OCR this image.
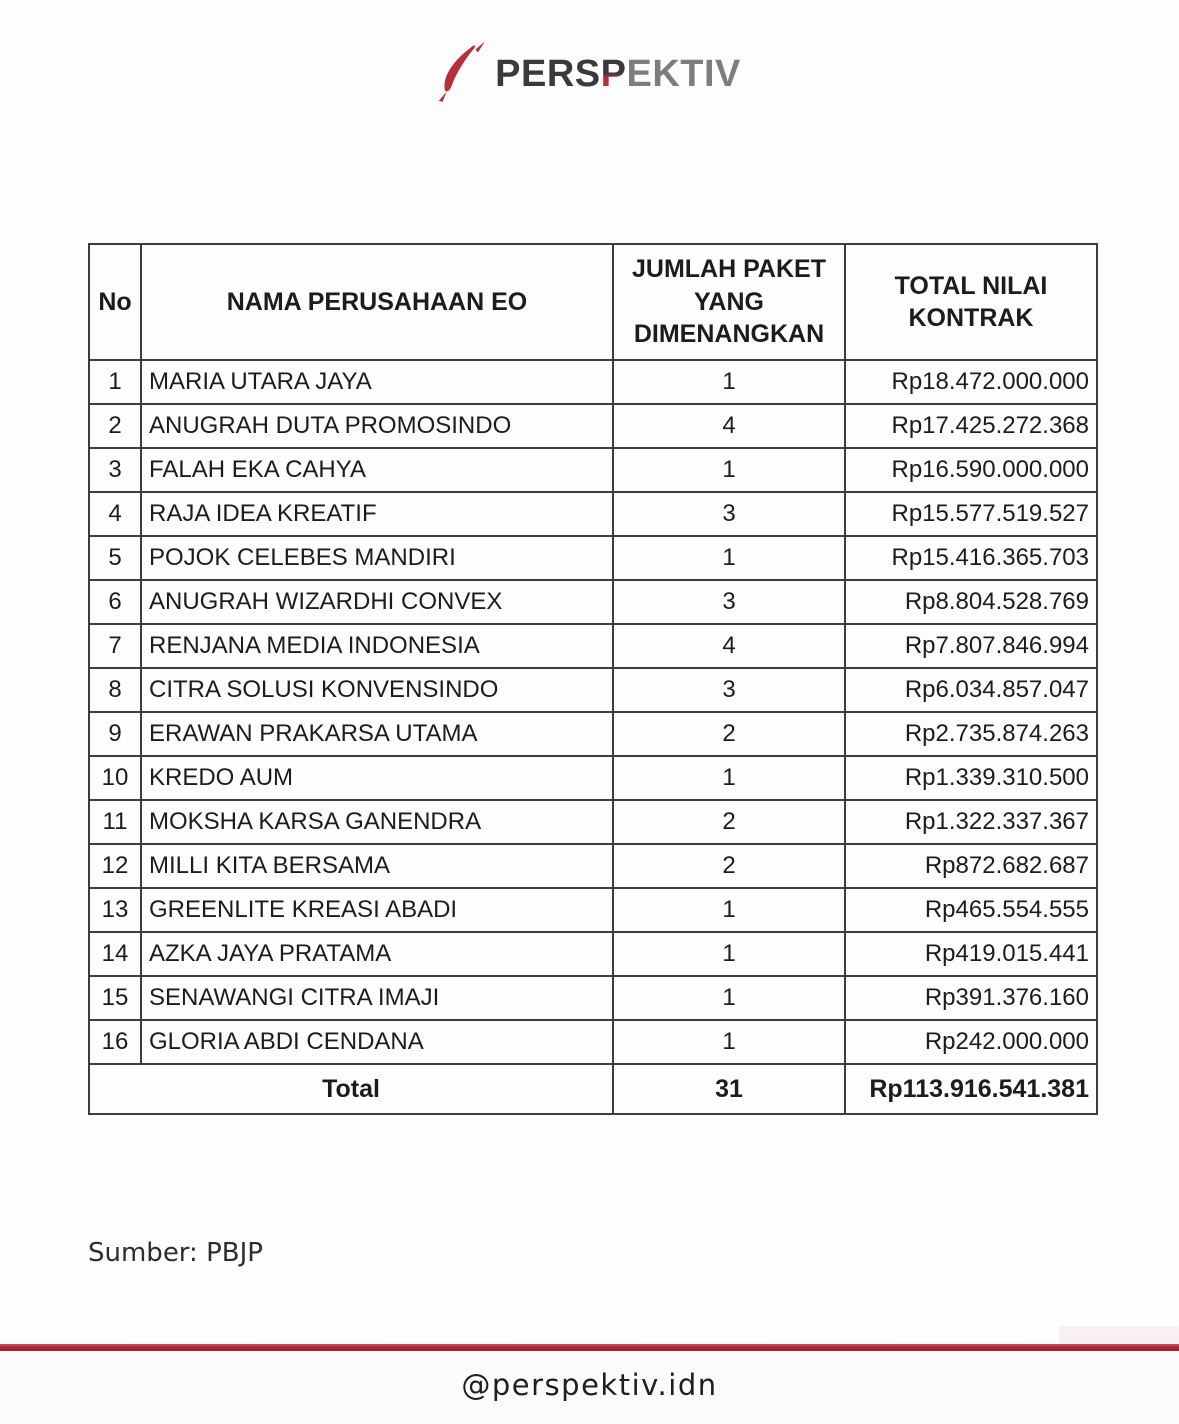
PERSPEKTIV
No	NAMA PERUSAHAAN EO	JUMLAH PAKET YANG DIMENANGKAN	TOTAL NILAI KONTRAK
1	MARIA UTARA JAYA	1	Rp18.472.000.000
2	ANUGRAH DUTA PROMOSINDO	4	Rp17.425.272.368
3	FALAH EKA CAHYA	1	Rp16.590.000.000
4	RAJA IDEA KREATIF	3	Rp15.577.519.527
5	POJOK CELEBES MANDIRI	1	Rp15.416.365.703
6	ANUGRAH WIZARDHI CONVEX	3	Rp8.804.528.769
7	RENJANA MEDIA INDONESIA	4	Rp7.807.846.994
8	CITRA SOLUSI KONVENSINDO	3	Rp6.034.857.047
9	ERAWAN PRAKARSA UTAMA	2	Rp2.735.874.263
10	KREDO AUM	1	Rp1.339.310.500
11	MOKSHA KARSA GANENDRA	2	Rp1.322.337.367
12	MILLI KITA BERSAMA	2	Rp872.682.687
13	GREENLITE KREASI ABADI	1	Rp465.554.555
14	AZKA JAYA PRATAMA	1	Rp419.015.441
15	SENAWANGI CITRA IMAJI	1	Rp391.376.160
16	GLORIA ABDI CENDANA	1	Rp242.000.000
Total		31	Rp113.916.541.381
Sumber: PBJP
@perspektiv.idn
